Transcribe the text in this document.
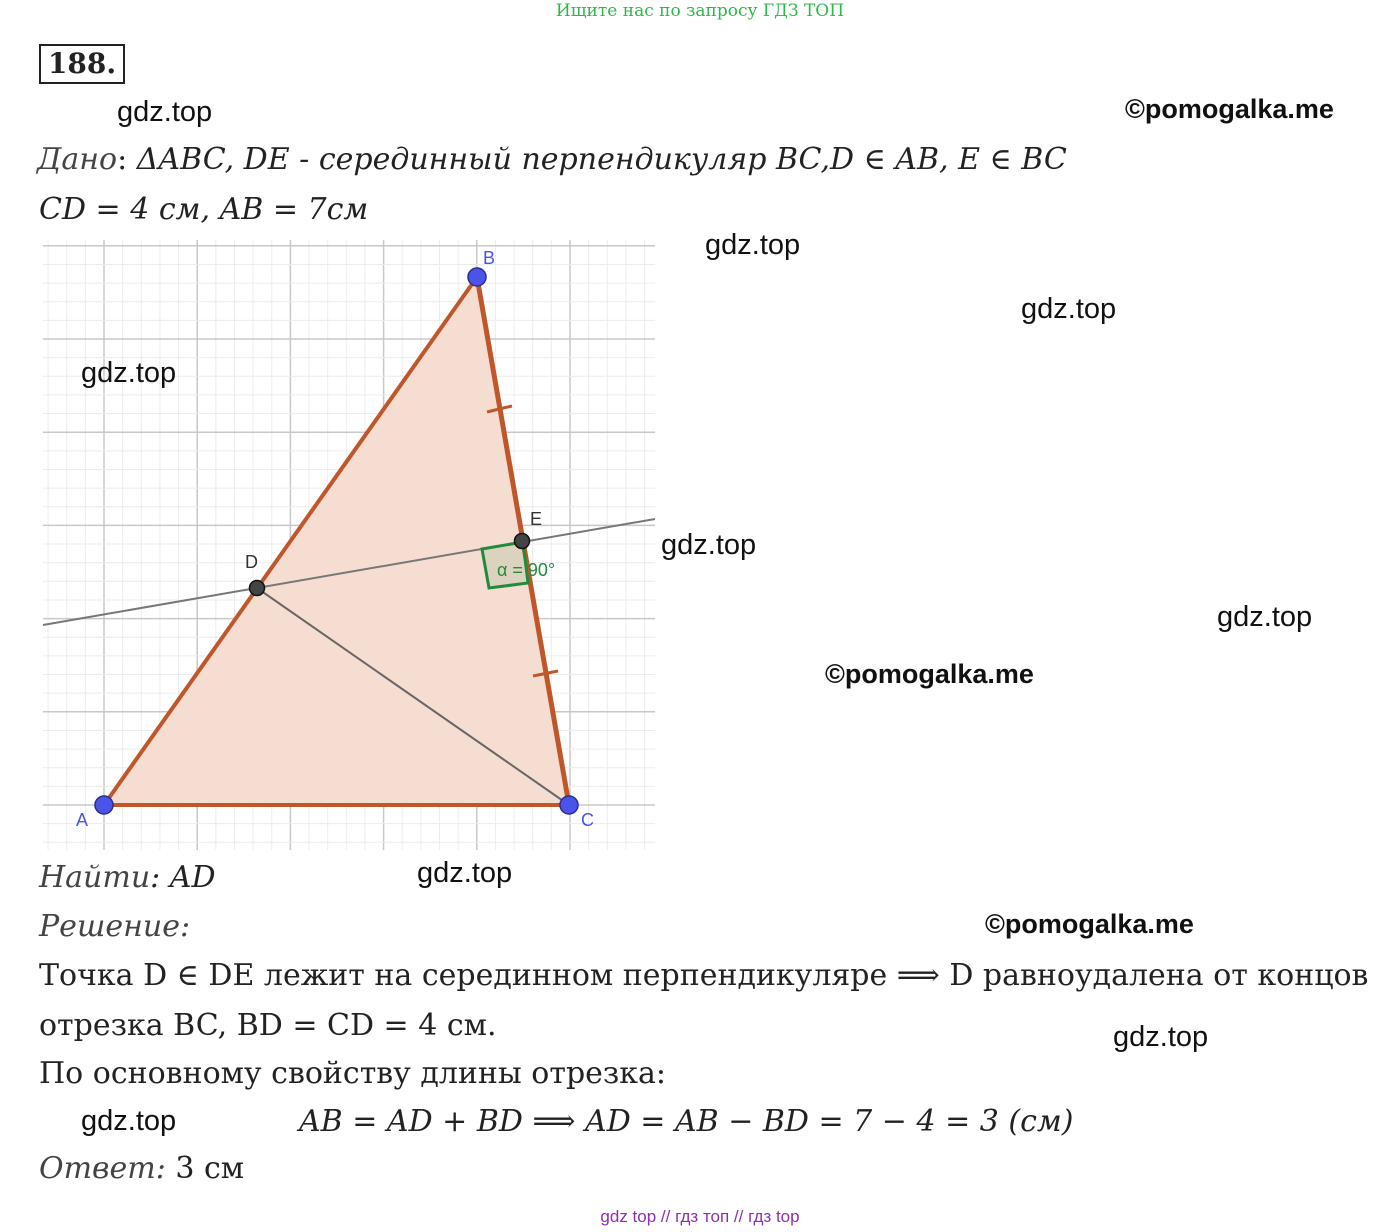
Ищите нас по запросу ГДЗ ТОП
188.
gdz.top	©pomogalka.me
gdz.top
gdz.top
gdz.top
gdz.top
©pomogalka.me
gdz.top
©pomogalka.me
gdz.top
gdz.top
Дано: ΔABC, DE - серединный перпендикуляр BC,D ∈ AB, E ∈ BC
CD = 4 см, AB = 7см
α = 90°
A
B
C
D
E
gdz.top
Найти: AD
Решение:
Точка D ∈ DE лежит на серединном перпендикуляре ⟹ D равноудалена от концов
отрезка BC, BD = CD = 4 см.
По основному свойству длины отрезка:
AB = AD + BD ⟹ AD = AB − BD = 7 − 4 = 3 (см)
Ответ: 3 см
gdz top // гдз топ // гдз top
